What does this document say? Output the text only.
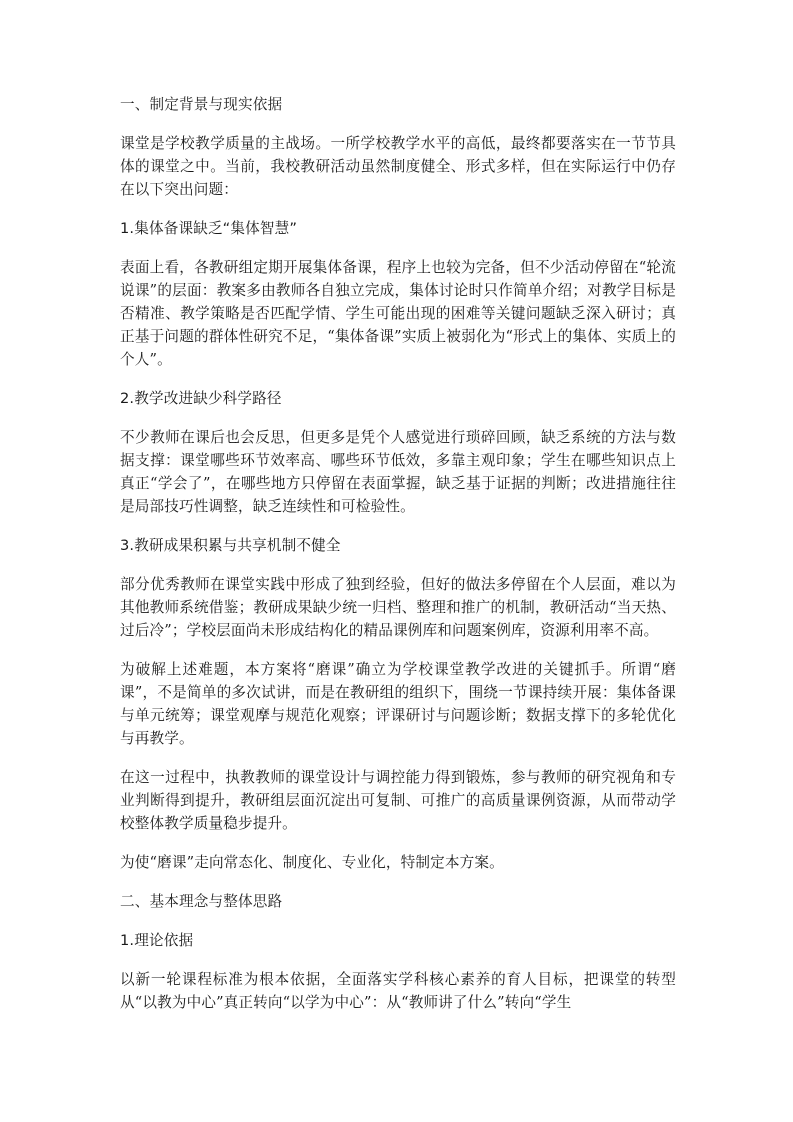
一、制定背景与现实依据

课堂是学校教学质量的主战场。一所学校教学水平的高低，最终都要落实在一节节具体的课堂之中。当前，我校教研活动虽然制度健全、形式多样，但在实际运行中仍存在以下突出问题：

1.集体备课缺乏“集体智慧”

表面上看，各教研组定期开展集体备课，程序上也较为完备，但不少活动停留在“轮流说课”的层面：教案多由教师各自独立完成，集体讨论时只作简单介绍；对教学目标是否精准、教学策略是否匹配学情、学生可能出现的困难等关键问题缺乏深入研讨；真正基于问题的群体性研究不足，“集体备课”实质上被弱化为“形式上的集体、实质上的个人”。

2.教学改进缺少科学路径

不少教师在课后也会反思，但更多是凭个人感觉进行琐碎回顾，缺乏系统的方法与数据支撑：课堂哪些环节效率高、哪些环节低效，多靠主观印象；学生在哪些知识点上真正“学会了”，在哪些地方只停留在表面掌握，缺乏基于证据的判断；改进措施往往是局部技巧性调整，缺乏连续性和可检验性。

3.教研成果积累与共享机制不健全

部分优秀教师在课堂实践中形成了独到经验，但好的做法多停留在个人层面，难以为其他教师系统借鉴；教研成果缺少统一归档、整理和推广的机制，教研活动“当天热、过后冷”；学校层面尚未形成结构化的精品课例库和问题案例库，资源利用率不高。

为破解上述难题，本方案将“磨课”确立为学校课堂教学改进的关键抓手。所谓“磨课”，不是简单的多次试讲，而是在教研组的组织下，围绕一节课持续开展：集体备课与单元统筹；课堂观摩与规范化观察；评课研讨与问题诊断；数据支撑下的多轮优化与再教学。

在这一过程中，执教教师的课堂设计与调控能力得到锻炼，参与教师的研究视角和专业判断得到提升，教研组层面沉淀出可复制、可推广的高质量课例资源，从而带动学校整体教学质量稳步提升。

为使“磨课”走向常态化、制度化、专业化，特制定本方案。

二、基本理念与整体思路
1.理论依据

以新一轮课程标准为根本依据，全面落实学科核心素养的育人目标，把课堂的转型从“以教为中心”真正转向“以学为中心”：从“教师讲了什么”转向“学生
